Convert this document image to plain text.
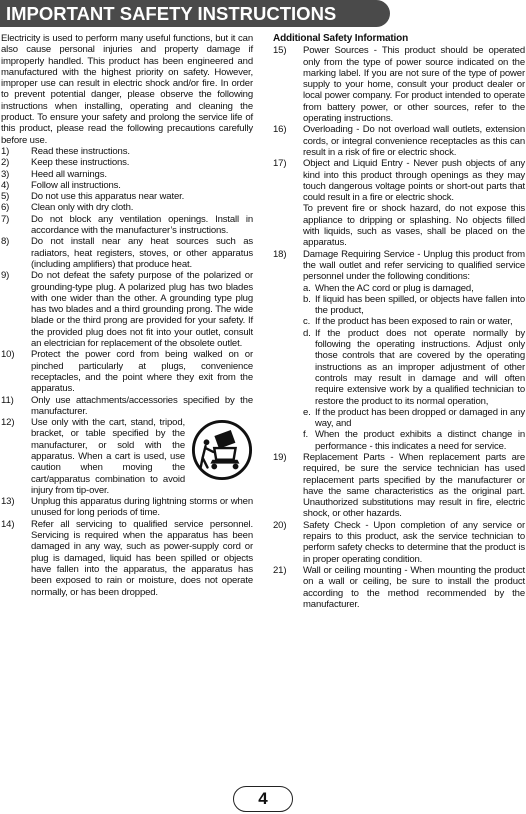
IMPORTANT SAFETY INSTRUCTIONS
Electricity is used to perform many useful functions, but it can also cause personal injuries and property damage if improperly handled. This product has been engineered and manufactured with the highest priority on safety. However, improper use can result in electric shock and/or fire. In order to prevent potential danger, please observe the following instructions when installing, operating and cleaning the product. To ensure your safety and prolong the service life of this product, please read the following precautions carefully before use.
1)	Read these instructions.
2)	Keep these instructions.
3)	Heed all warnings.
4)	Follow all instructions.
5)	Do not use this apparatus near water.
6)	Clean only with dry cloth.
7)	Do not block any ventilation openings. Install in accordance with the manufacturer’s instructions.
8)	Do not install near any heat sources such as radiators, heat registers, stoves, or other apparatus (including amplifiers) that produce heat.
9)	Do not defeat the safety purpose of the polarized or grounding-type plug. A polarized plug has two blades with one wider than the other. A grounding type plug has two blades and a third grounding prong. The wide blade or the third prong are provided for your safety. If the provided plug does not fit into your outlet, consult an electrician for replacement of the obsolete outlet.
10)	Protect the power cord from being walked on or pinched particularly at plugs, convenience receptacles, and the point where they exit from the apparatus.
11)	Only use attachments/accessories specified by the manufacturer.
12)	Use only with the cart, stand, tripod, bracket, or table specified by the manufacturer, or sold with the apparatus. When a cart is used, use caution when moving the cart/apparatus combination to avoid injury from tip-over.
13)	Unplug this apparatus during lightning storms or when unused for long periods of time.
14)	Refer all servicing to qualified service personnel. Servicing is required when the apparatus has been damaged in any way, such as power-supply cord or plug is damaged, liquid has been spilled or objects have fallen into the apparatus, the apparatus has been exposed to rain or moisture, does not operate normally, or has been dropped.
Additional Safety Information
15)	Power Sources - This product should be operated only from the type of power source indicated on the marking label. If you are not sure of the type of power supply to your home, consult your product dealer or local power company. For product intended to operate from battery power, or other sources, refer to the operating instructions.
16)	Overloading - Do not overload wall outlets, extension cords, or integral convenience receptacles as this can result in a risk of fire or electric shock.
17)	Object and Liquid Entry - Never push objects of any kind into this product through openings as they may touch dangerous voltage points or short-out parts that could result in a fire or electric shock.
To prevent fire or shock hazard, do not expose this appliance to dripping or splashing. No objects filled with liquids, such as vases, shall be placed on the apparatus.
18)	Damage Requiring Service - Unplug this product from the wall outlet and refer servicing to qualified service personnel under the following conditions:
a. When the AC cord or plug is damaged,
b. If liquid has been spilled, or objects have fallen into the product,
c. If the product has been exposed to rain or water,
d. If the product does not operate normally by following the operating instructions. Adjust only those controls that are covered by the operating instructions as an improper adjustment of other controls may result in damage and will often require extensive work by a qualified technician to restore the product to its normal operation,
e. If the product has been dropped or damaged in any way, and
f. When the product exhibits a distinct change in performance - this indicates a need for service.
19)	Replacement Parts - When replacement parts are required, be sure the service technician has used replacement parts specified by the manufacturer or have the same characteristics as the original part. Unauthorized substitutions may result in fire, electric shock, or other hazards.
20)	Safety Check - Upon completion of any service or repairs to this product, ask the service technician to perform safety checks to determine that the product is in proper operating condition.
21)	Wall or ceiling mounting - When mounting the product on a wall or ceiling, be sure to install the product according to the method recommended by the manufacturer.
4
